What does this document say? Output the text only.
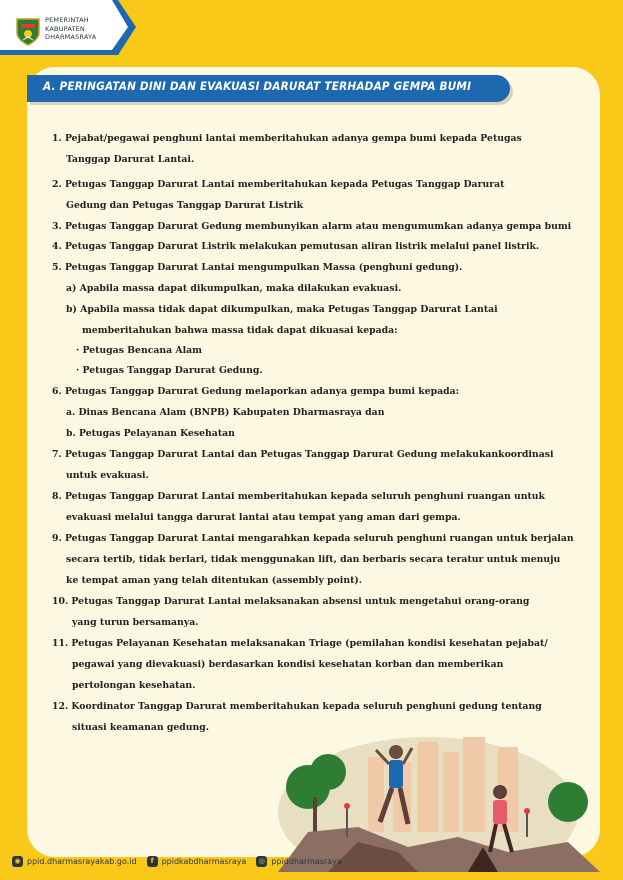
PEMERINTAH
KABUPATEN
DHARMASRAYA
A. PERINGATAN DINI DAN EVAKUASI DARURAT TERHADAP GEMPA BUMI
1. Pejabat/pegawai penghuni lantai memberitahukan adanya gempa bumi kepada Petugas
Tanggap Darurat Lantai.
2. Petugas Tanggap Darurat Lantai memberitahukan kepada Petugas Tanggap Darurat
Gedung dan Petugas Tanggap Darurat Listrik
3. Petugas Tanggap Darurat Gedung membunyikan alarm atau mengumumkan adanya gempa bumi
4. Petugas Tanggap Darurat Listrik melakukan pemutusan aliran listrik melalui panel listrik.
5. Petugas Tanggap Darurat Lantai mengumpulkan Massa (penghuni gedung).
a) Apabila massa dapat dikumpulkan, maka dilakukan evakuasi.
b) Apabila massa tidak dapat dikumpulkan, maka Petugas Tanggap Darurat Lantai
memberitahukan bahwa massa tidak dapat dikuasai kepada:
· Petugas Bencana Alam
· Petugas Tanggap Darurat Gedung.
6. Petugas Tanggap Darurat Gedung melaporkan adanya gempa bumi kepada:
a. Dinas Bencana Alam (BNPB) Kabupaten Dharmasraya dan
b. Petugas Pelayanan Kesehatan
7. Petugas Tanggap Darurat Lantai dan Petugas Tanggap Darurat Gedung melakukankoordinasi
untuk evakuasi.
8. Petugas Tanggap Darurat Lantai memberitahukan kepada seluruh penghuni ruangan untuk
evakuasi melalui tangga darurat lantai atau tempat yang aman dari gempa.
9. Petugas Tanggap Darurat Lantai mengarahkan kepada seluruh penghuni ruangan untuk berjalan
secara tertib, tidak berlari, tidak menggunakan lift, dan berbaris secara teratur untuk menuju
ke tempat aman yang telah ditentukan (assembly point).
10. Petugas Tanggap Darurat Lantai melaksanakan absensi untuk mengetahui orang-orang
yang turun bersamanya.
11. Petugas Pelayanan Kesehatan melaksanakan Triage (pemilahan kondisi kesehatan pejabat/
pegawai yang dievakuasi) berdasarkan kondisi kesehatan korban dan memberikan
pertolongan kesehatan.
12. Koordinator Tanggap Darurat memberitahukan kepada seluruh penghuni gedung tentang
situasi keamanan gedung.
◉ ppid.dharmasrayakab.go.id	f ppidkabdharmasraya	◎ ppiddharmasraya
